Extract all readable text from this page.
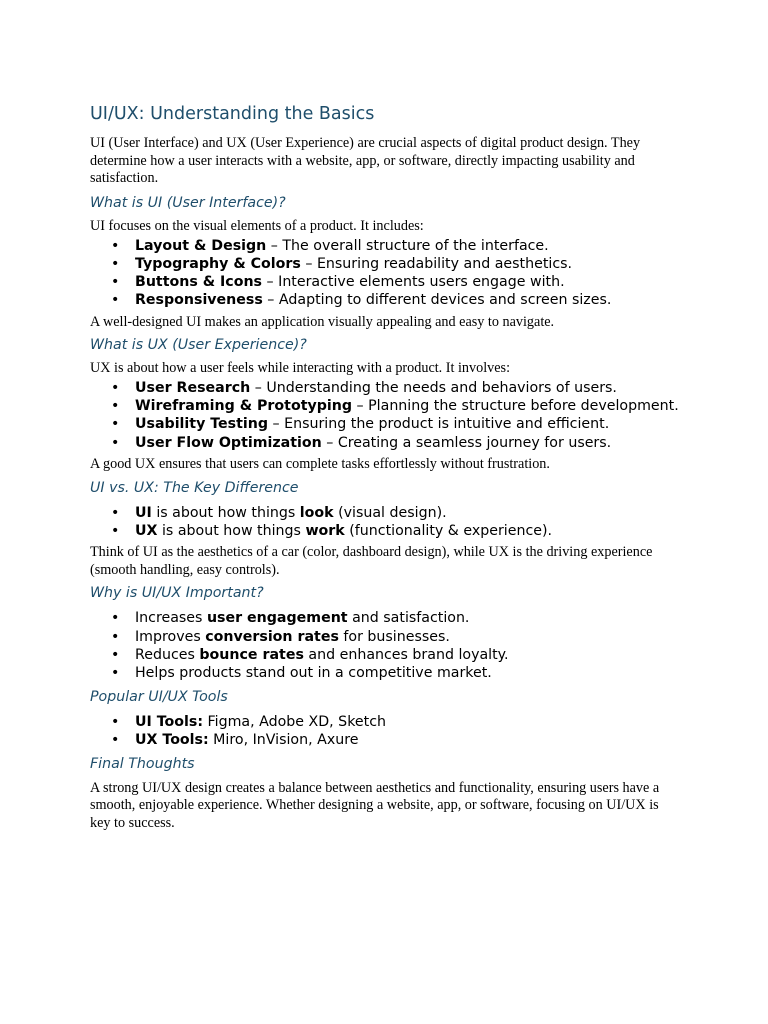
UI/UX: Understanding the Basics

UI (User Interface) and UX (User Experience) are crucial aspects of digital product design. They determine how a user interacts with a website, app, or software, directly impacting usability and satisfaction.

What is UI (User Interface)?

UI focuses on the visual elements of a product. It includes:

• Layout & Design – The overall structure of the interface.
• Typography & Colors – Ensuring readability and aesthetics.
• Buttons & Icons – Interactive elements users engage with.
• Responsiveness – Adapting to different devices and screen sizes.

A well-designed UI makes an application visually appealing and easy to navigate.

What is UX (User Experience)?

UX is about how a user feels while interacting with a product. It involves:

• User Research – Understanding the needs and behaviors of users.
• Wireframing & Prototyping – Planning the structure before development.
• Usability Testing – Ensuring the product is intuitive and efficient.
• User Flow Optimization – Creating a seamless journey for users.

A good UX ensures that users can complete tasks effortlessly without frustration.

UI vs. UX: The Key Difference
• UI is about how things look (visual design).
• UX is about how things work (functionality & experience).

Think of UI as the aesthetics of a car (color, dashboard design), while UX is the driving experience (smooth handling, easy controls).

Why is UI/UX Important?
• Increases user engagement and satisfaction.
• Improves conversion rates for businesses.
• Reduces bounce rates and enhances brand loyalty.
• Helps products stand out in a competitive market.
Popular UI/UX Tools
• UI Tools: Figma, Adobe XD, Sketch
• UX Tools: Miro, InVision, Axure
Final Thoughts

A strong UI/UX design creates a balance between aesthetics and functionality, ensuring users have a smooth, enjoyable experience. Whether designing a website, app, or software, focusing on UI/UX is key to success.
